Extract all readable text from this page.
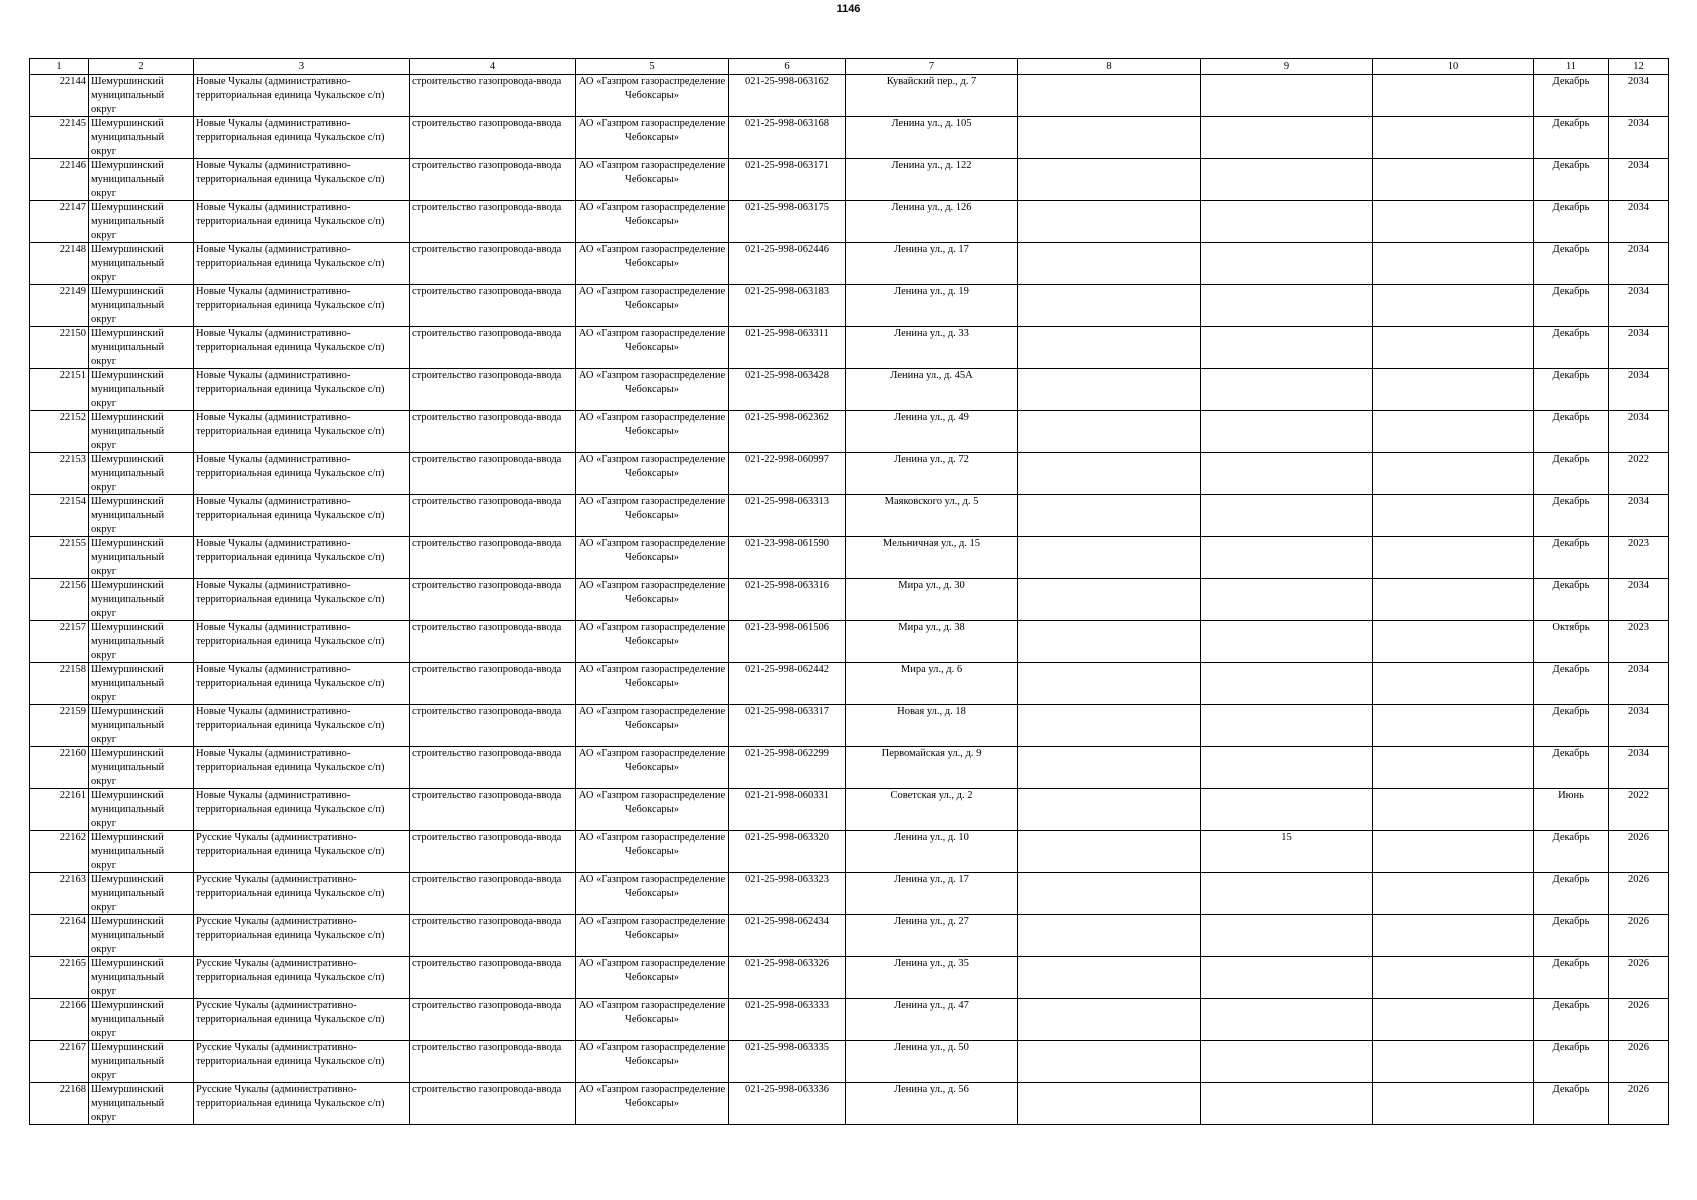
1146
1	2	3	4	5	6	7	8	9	10	11	12

22144	Шемуршинский муниципальный округ	Новые Чукалы (административно-территориальная единица Чукальское с/п)	строительство газопровода-ввода	АО «Газпром газораспределение Чебоксары»	021-25-998-063162	Кувайский пер., д. 7				Декабрь	2034

22145	Шемуршинский муниципальный округ	Новые Чукалы (административно-территориальная единица Чукальское с/п)	строительство газопровода-ввода	АО «Газпром газораспределение Чебоксары»	021-25-998-063168	Ленина ул., д. 105				Декабрь	2034

22146	Шемуршинский муниципальный округ	Новые Чукалы (административно-территориальная единица Чукальское с/п)	строительство газопровода-ввода	АО «Газпром газораспределение Чебоксары»	021-25-998-063171	Ленина ул., д. 122				Декабрь	2034

22147	Шемуршинский муниципальный округ	Новые Чукалы (административно-территориальная единица Чукальское с/п)	строительство газопровода-ввода	АО «Газпром газораспределение Чебоксары»	021-25-998-063175	Ленина ул., д. 126				Декабрь	2034

22148	Шемуршинский муниципальный округ	Новые Чукалы (административно-территориальная единица Чукальское с/п)	строительство газопровода-ввода	АО «Газпром газораспределение Чебоксары»	021-25-998-062446	Ленина ул., д. 17				Декабрь	2034

22149	Шемуршинский муниципальный округ	Новые Чукалы (административно-территориальная единица Чукальское с/п)	строительство газопровода-ввода	АО «Газпром газораспределение Чебоксары»	021-25-998-063183	Ленина ул., д. 19				Декабрь	2034

22150	Шемуршинский муниципальный округ	Новые Чукалы (административно-территориальная единица Чукальское с/п)	строительство газопровода-ввода	АО «Газпром газораспределение Чебоксары»	021-25-998-063311	Ленина ул., д. 33				Декабрь	2034

22151	Шемуршинский муниципальный округ	Новые Чукалы (административно-территориальная единица Чукальское с/п)	строительство газопровода-ввода	АО «Газпром газораспределение Чебоксары»	021-25-998-063428	Ленина ул., д. 45А				Декабрь	2034

22152	Шемуршинский муниципальный округ	Новые Чукалы (административно-территориальная единица Чукальское с/п)	строительство газопровода-ввода	АО «Газпром газораспределение Чебоксары»	021-25-998-062362	Ленина ул., д. 49				Декабрь	2034

22153	Шемуршинский муниципальный округ	Новые Чукалы (административно-территориальная единица Чукальское с/п)	строительство газопровода-ввода	АО «Газпром газораспределение Чебоксары»	021-22-998-060997	Ленина ул., д. 72				Декабрь	2022

22154	Шемуршинский муниципальный округ	Новые Чукалы (административно-территориальная единица Чукальское с/п)	строительство газопровода-ввода	АО «Газпром газораспределение Чебоксары»	021-25-998-063313	Маяковского ул., д. 5				Декабрь	2034

22155	Шемуршинский муниципальный округ	Новые Чукалы (административно-территориальная единица Чукальское с/п)	строительство газопровода-ввода	АО «Газпром газораспределение Чебоксары»	021-23-998-061590	Мельничная ул., д. 15				Декабрь	2023

22156	Шемуршинский муниципальный округ	Новые Чукалы (административно-территориальная единица Чукальское с/п)	строительство газопровода-ввода	АО «Газпром газораспределение Чебоксары»	021-25-998-063316	Мира ул., д. 30				Декабрь	2034

22157	Шемуршинский муниципальный округ	Новые Чукалы (административно-территориальная единица Чукальское с/п)	строительство газопровода-ввода	АО «Газпром газораспределение Чебоксары»	021-23-998-061506	Мира ул., д. 38				Октябрь	2023

22158	Шемуршинский муниципальный округ	Новые Чукалы (административно-территориальная единица Чукальское с/п)	строительство газопровода-ввода	АО «Газпром газораспределение Чебоксары»	021-25-998-062442	Мира ул., д. 6				Декабрь	2034

22159	Шемуршинский муниципальный округ	Новые Чукалы (административно-территориальная единица Чукальское с/п)	строительство газопровода-ввода	АО «Газпром газораспределение Чебоксары»	021-25-998-063317	Новая ул., д. 18				Декабрь	2034

22160	Шемуршинский муниципальный округ	Новые Чукалы (административно-территориальная единица Чукальское с/п)	строительство газопровода-ввода	АО «Газпром газораспределение Чебоксары»	021-25-998-062299	Первомайская ул., д. 9				Декабрь	2034

22161	Шемуршинский муниципальный округ	Новые Чукалы (административно-территориальная единица Чукальское с/п)	строительство газопровода-ввода	АО «Газпром газораспределение Чебоксары»	021-21-998-060331	Советская ул., д. 2				Июнь	2022

22162	Шемуршинский муниципальный округ	Русские Чукалы (административно-территориальная единица Чукальское с/п)	строительство газопровода-ввода	АО «Газпром газораспределение Чебоксары»	021-25-998-063320	Ленина ул., д. 10		15		Декабрь	2026

22163	Шемуршинский муниципальный округ	Русские Чукалы (административно-территориальная единица Чукальское с/п)	строительство газопровода-ввода	АО «Газпром газораспределение Чебоксары»	021-25-998-063323	Ленина ул., д. 17				Декабрь	2026

22164	Шемуршинский муниципальный округ	Русские Чукалы (административно-территориальная единица Чукальское с/п)	строительство газопровода-ввода	АО «Газпром газораспределение Чебоксары»	021-25-998-062434	Ленина ул., д. 27				Декабрь	2026

22165	Шемуршинский муниципальный округ	Русские Чукалы (административно-территориальная единица Чукальское с/п)	строительство газопровода-ввода	АО «Газпром газораспределение Чебоксары»	021-25-998-063326	Ленина ул., д. 35				Декабрь	2026

22166	Шемуршинский муниципальный округ	Русские Чукалы (административно-территориальная единица Чукальское с/п)	строительство газопровода-ввода	АО «Газпром газораспределение Чебоксары»	021-25-998-063333	Ленина ул., д. 47				Декабрь	2026

22167	Шемуршинский муниципальный округ	Русские Чукалы (административно-территориальная единица Чукальское с/п)	строительство газопровода-ввода	АО «Газпром газораспределение Чебоксары»	021-25-998-063335	Ленина ул., д. 50				Декабрь	2026

22168	Шемуршинский муниципальный округ	Русские Чукалы (административно-территориальная единица Чукальское с/п)	строительство газопровода-ввода	АО «Газпром газораспределение Чебоксары»	021-25-998-063336	Ленина ул., д. 56				Декабрь	2026
